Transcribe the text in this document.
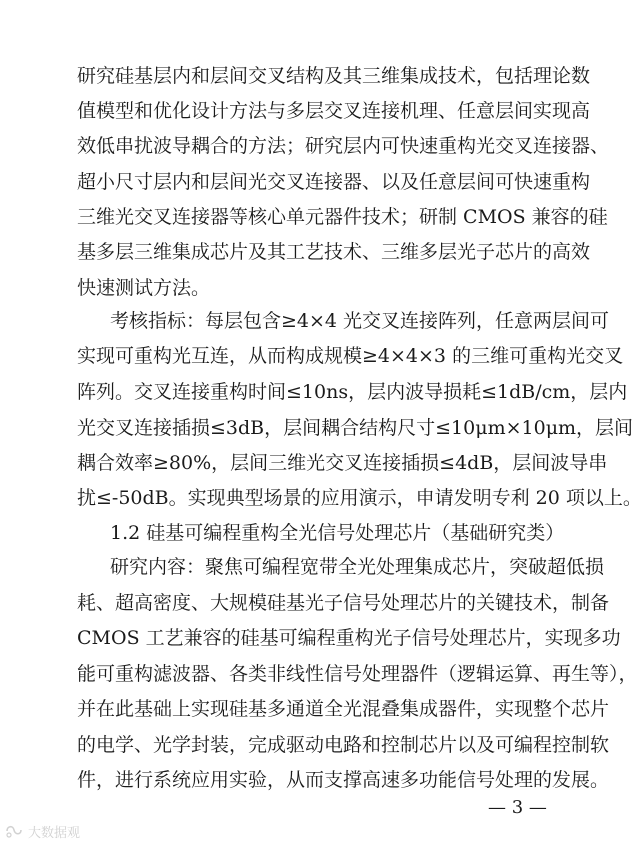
研究硅基层内和层间交叉结构及其三维集成技术，包括理论数
值模型和优化设计方法与多层交叉连接机理、任意层间实现高
效低串扰波导耦合的方法；研究层内可快速重构光交叉连接器、
超小尺寸层内和层间光交叉连接器、以及任意层间可快速重构
三维光交叉连接器等核心单元器件技术；研制 CMOS 兼容的硅
基多层三维集成芯片及其工艺技术、三维多层光子芯片的高效
快速测试方法。
考核指标：每层包含≥4×4 光交叉连接阵列，任意两层间可
实现可重构光互连，从而构成规模≥4×4×3 的三维可重构光交叉
阵列。交叉连接重构时间≤10ns，层内波导损耗≤1dB/cm，层内
光交叉连接插损≤3dB，层间耦合结构尺寸≤10μm×10μm，层间
耦合效率≥80%，层间三维光交叉连接插损≤4dB，层间波导串
扰≤-50dB。实现典型场景的应用演示，申请发明专利 20 项以上。
1.2 硅基可编程重构全光信号处理芯片（基础研究类）
研究内容：聚焦可编程宽带全光处理集成芯片，突破超低损
耗、超高密度、大规模硅基光子信号处理芯片的关键技术，制备
CMOS 工艺兼容的硅基可编程重构光子信号处理芯片，实现多功
能可重构滤波器、各类非线性信号处理器件（逻辑运算、再生等），
并在此基础上实现硅基多通道全光混叠集成器件，实现整个芯片
的电学、光学封装，完成驱动电路和控制芯片以及可编程控制软
件，进行系统应用实验，从而支撑高速多功能信号处理的发展。
— 3 —
大数据观
